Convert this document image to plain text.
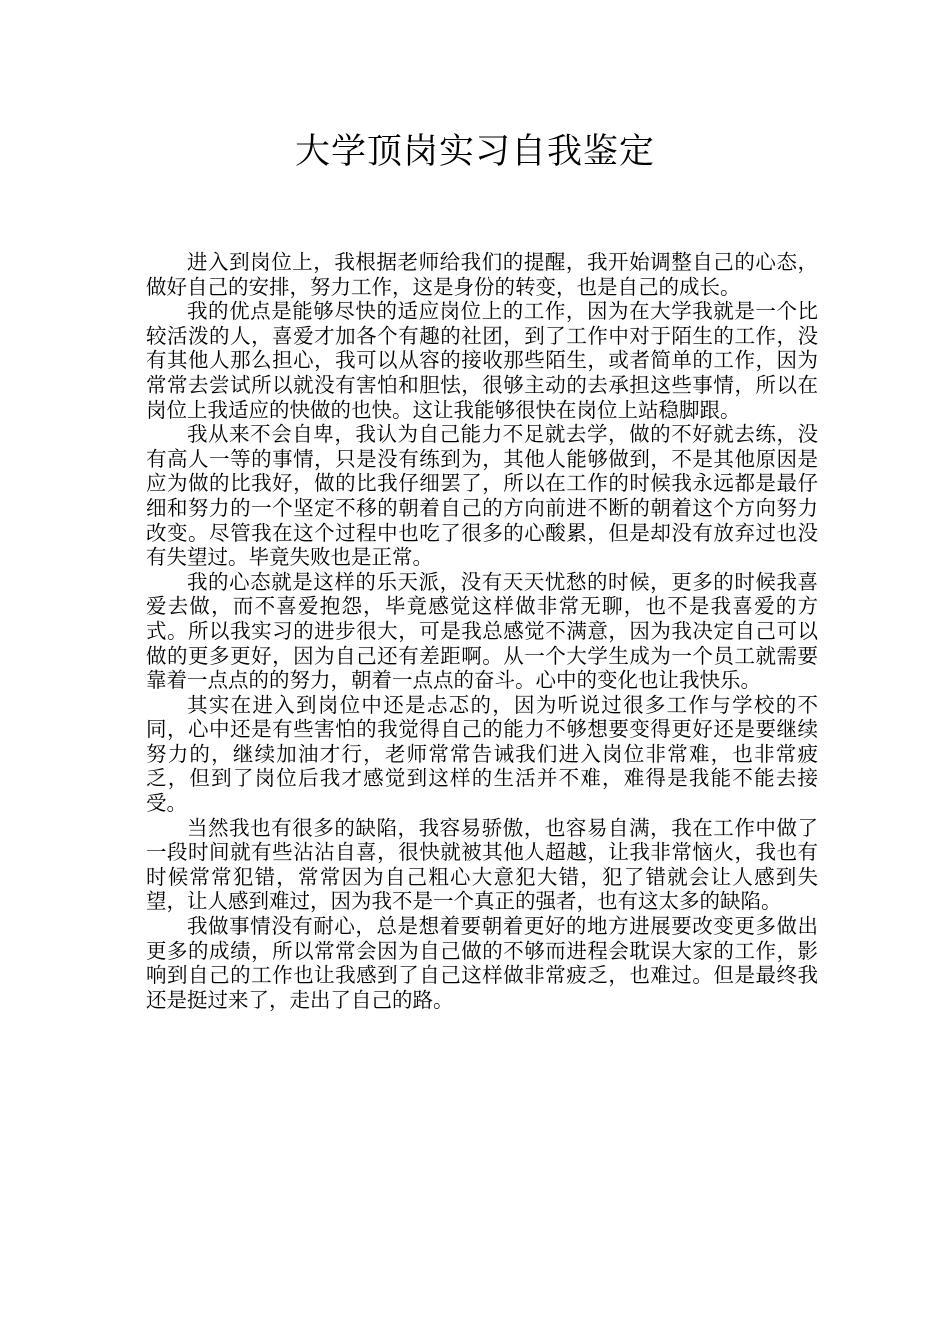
大学顶岗实习自我鉴定

进入到岗位上，我根据老师给我们的提醒，我开始调整自己的心态，做好自己的安排，努力工作，这是身份的转变，也是自己的成长。

我的优点是能够尽快的适应岗位上的工作，因为在大学我就是一个比较活泼的人，喜爱才加各个有趣的社团，到了工作中对于陌生的工作，没有其他人那么担心，我可以从容的接收那些陌生，或者简单的工作，因为常常去尝试所以就没有害怕和胆怯，很够主动的去承担这些事情，所以在岗位上我适应的快做的也快。这让我能够很快在岗位上站稳脚跟。

我从来不会自卑，我认为自己能力不足就去学，做的不好就去练，没有高人一等的事情，只是没有练到为，其他人能够做到，不是其他原因是应为做的比我好，做的比我仔细罢了，所以在工作的时候我永远都是最仔细和努力的一个坚定不移的朝着自己的方向前进不断的朝着这个方向努力改变。尽管我在这个过程中也吃了很多的心酸累，但是却没有放弃过也没有失望过。毕竟失败也是正常。

我的心态就是这样的乐天派，没有天天忧愁的时候，更多的时候我喜爱去做，而不喜爱抱怨，毕竟感觉这样做非常无聊，也不是我喜爱的方式。所以我实习的进步很大，可是我总感觉不满意，因为我决定自己可以做的更多更好，因为自己还有差距啊。从一个大学生成为一个员工就需要靠着一点点的的努力，朝着一点点的奋斗。心中的变化也让我快乐。

其实在进入到岗位中还是忐忑的，因为听说过很多工作与学校的不同，心中还是有些害怕的我觉得自己的能力不够想要变得更好还是要继续努力的，继续加油才行，老师常常告诫我们进入岗位非常难，也非常疲乏，但到了岗位后我才感觉到这样的生活并不难，难得是我能不能去接受。

当然我也有很多的缺陷，我容易骄傲，也容易自满，我在工作中做了一段时间就有些沾沾自喜，很快就被其他人超越，让我非常恼火，我也有时候常常犯错，常常因为自己粗心大意犯大错，犯了错就会让人感到失望，让人感到难过，因为我不是一个真正的强者，也有这太多的缺陷。

我做事情没有耐心，总是想着要朝着更好的地方进展要改变更多做出更多的成绩，所以常常会因为自己做的不够而进程会耽误大家的工作，影响到自己的工作也让我感到了自己这样做非常疲乏，也难过。但是最终我还是挺过来了，走出了自己的路。
